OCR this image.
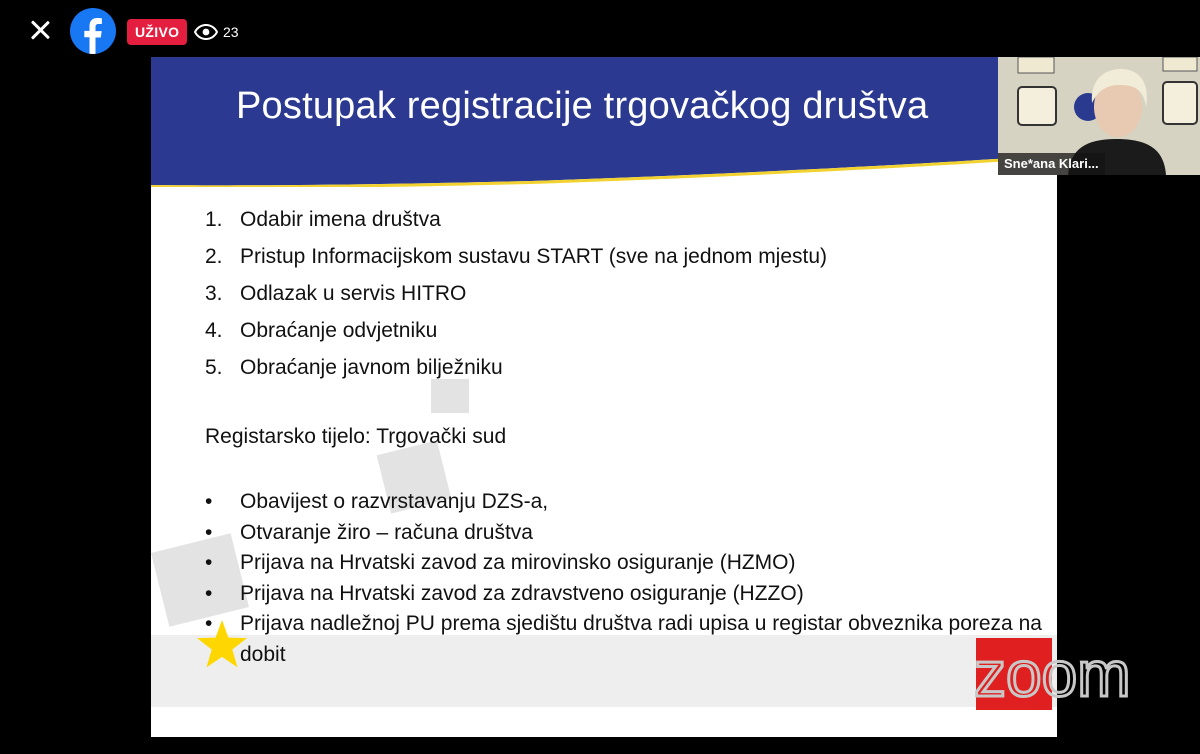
UŽIVO	23
Postupak registracije trgovačkog društva
1. Odabir imena društva
2. Pristup Informacijskom sustavu START (sve na jednom mjestu)
3. Odlazak u servis HITRO
4. Obraćanje odvjetniku
5. Obraćanje javnom bilježniku
Registarsko tijelo: Trgovački sud
• Obavijest o razvrstavanju DZS-a,
• Otvaranje žiro – računa društva
• Prijava na Hrvatski zavod za mirovinsko osiguranje (HZMO)
• Prijava na Hrvatski zavod za zdravstveno osiguranje (HZZO)
• Prijava nadležnoj PU prema sjedištu društva radi upisa u registar obveznika poreza na dobit	zoom
Sne*ana Klari...
